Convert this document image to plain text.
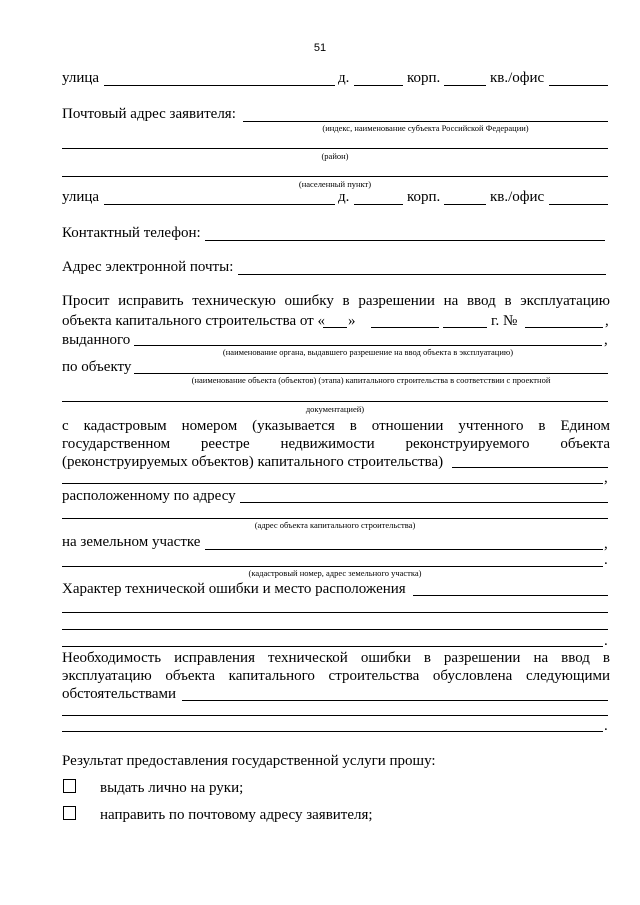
51
улица	д.	корп.	кв./офис
Почтовый адрес заявителя:
(индекс, наименование субъекта Российской Федерации)
(район)
(населенный пункт)
улица	д.	корп.	кв./офис
Контактный телефон:
Адрес электронной почты:
Просит исправить техническую ошибку в разрешении на ввод в эксплуатацию
объекта капитального строительства от « »	г. №	,
выданного	,
(наименование органа, выдавшего разрешение на ввод объекта в эксплуатацию)
по объекту
(наименование объекта (объектов) (этапа) капитального строительства в соответствии с проектной
документацией)
с кадастровым номером (указывается в отношении учтенного в Едином
государственном реестре недвижимости реконструируемого объекта
(реконструируемых объектов) капитального строительства)
,
расположенному по адресу
(адрес объекта капитального строительства)
на земельном участке	,
.
(кадастровый номер, адрес земельного участка)
Характер технической ошибки и место расположения
.
Необходимость исправления технической ошибки в разрешении на ввод в
эксплуатацию объекта капитального строительства обусловлена следующими
обстоятельствами
.
Результат предоставления государственной услуги прошу:
выдать лично на руки;
направить по почтовому адресу заявителя;
